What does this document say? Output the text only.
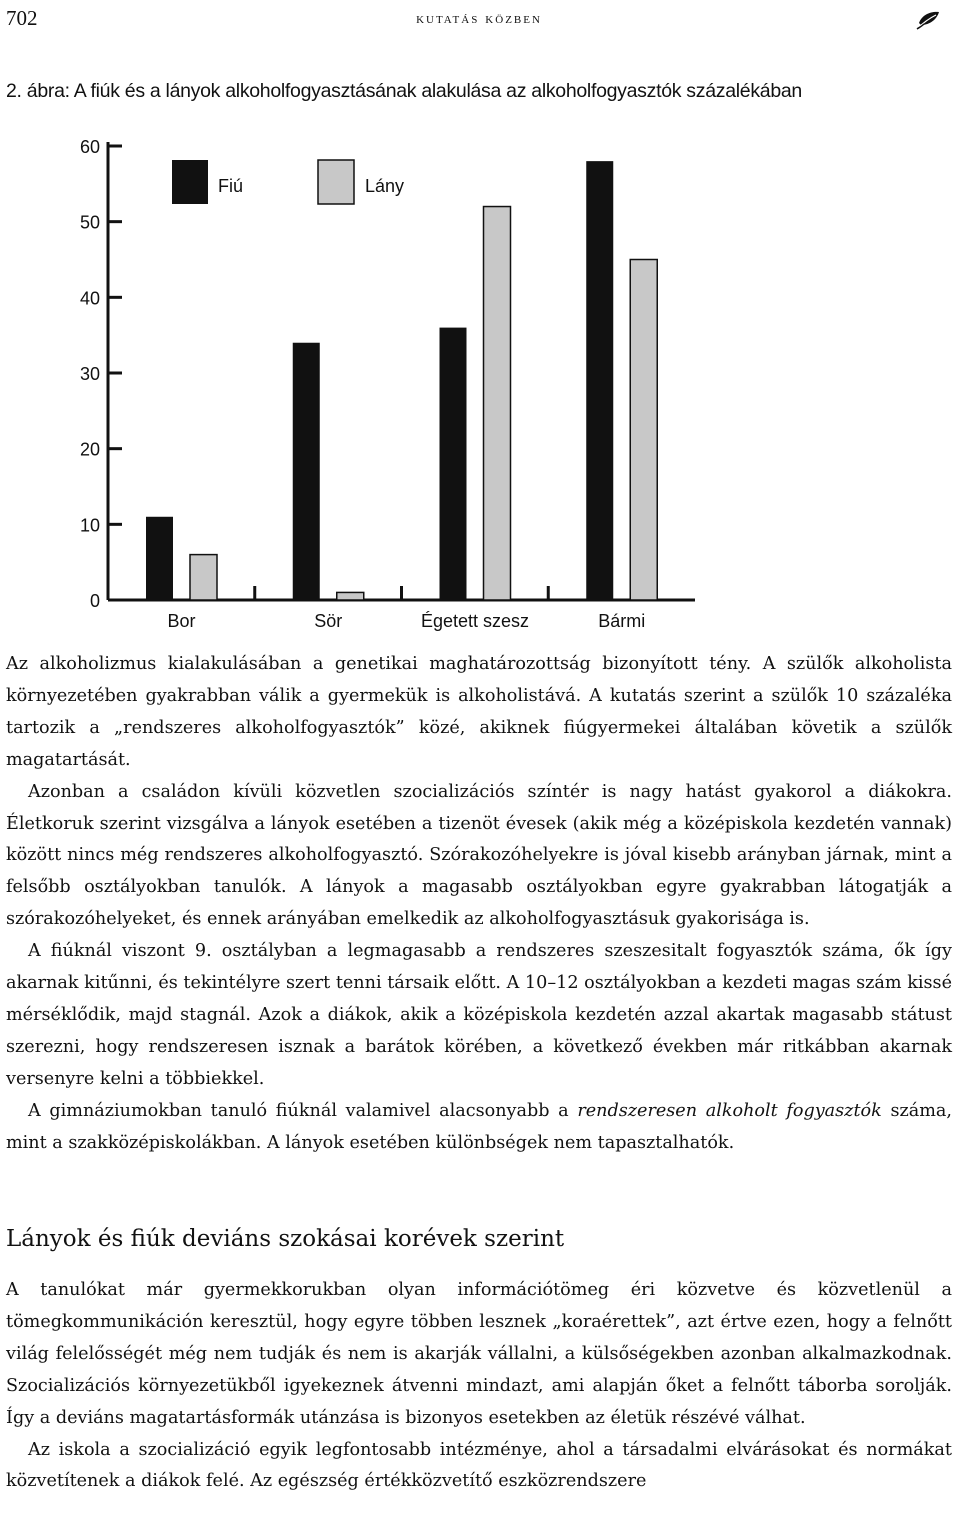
702	kutatás közben
2. ábra: A fiúk és a lányok alkoholfogyasztásának alakulása az alkoholfogyasztók százalékában
0
10
20
30
40
50
60
Bor	Sör	Égetett szesz	Bármi
Fiú	Lány

Az alkoholizmus kialakulásában a genetikai maghatározottság bizonyított tény. A szülők alkoholista környezetében gyakrabban válik a gyermekük is alkoholistává. A kutatás szerint a szülők 10 százaléka tartozik a „rendszeres alkoholfogyasztók” közé, akiknek fiúgyermekei általában követik a szülők magatartását.

Azonban a családon kívüli közvetlen szocializációs színtér is nagy hatást gyakorol a diákokra. Életkoruk szerint vizsgálva a lányok esetében a tizenöt évesek (akik még a középiskola kezdetén vannak) között nincs még rendszeres alkoholfogyasztó. Szórakozóhelyekre is jóval kisebb arányban járnak, mint a felsőbb osztályokban tanulók. A lányok a magasabb osztályokban egyre gyakrabban látogatják a szórakozóhelyeket, és ennek arányában emelkedik az alkoholfogyasztásuk gyakorisága is.

A fiúknál viszont 9. osztályban a legmagasabb a rendszeres szeszesitalt fogyasztók száma, ők így akarnak kitűnni, és tekintélyre szert tenni társaik előtt. A 10–12 osztályokban a kezdeti magas szám kissé mérséklődik, majd stagnál. Azok a diákok, akik a középiskola kezdetén azzal akartak magasabb státust szerezni, hogy rendszeresen isznak a barátok körében, a következő években már ritkábban akarnak versenyre kelni a többiekkel.

A gimnáziumokban tanuló fiúknál valamivel alacsonyabb a rendszeresen alkoholt fogyasztók száma, mint a szakközépiskolákban. A lányok esetében különbségek nem tapasztalhatók.

Lányok és fiúk deviáns szokásai korévek szerint

A tanulókat már gyermekkorukban olyan információtömeg éri közvetve és közvetlenül a tömegkommunikáción keresztül, hogy egyre többen lesznek „koraérettek”, azt értve ezen, hogy a felnőtt világ felelősségét még nem tudják és nem is akarják vállalni, a külsőségekben azonban alkalmazkodnak. Szocializációs környezetükből igyekeznek átvenni mindazt, ami alapján őket a felnőtt táborba sorolják. Így a deviáns magatartásformák utánzása is bizonyos esetekben az életük részévé válhat.

Az iskola a szocializáció egyik legfontosabb intézménye, ahol a társadalmi elvárásokat és normákat közvetítenek a diákok felé. Az egészség értékközvetítő eszközrendszere
